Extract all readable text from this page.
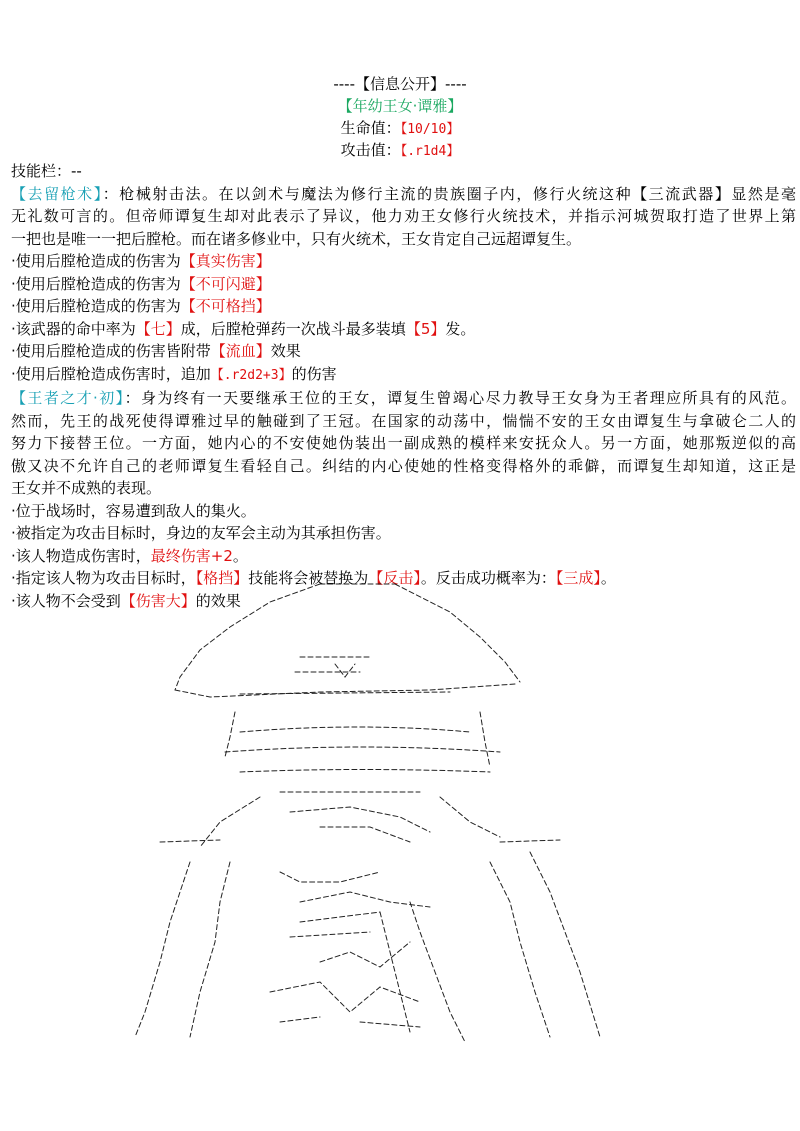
----【信息公开】----
【年幼王女·谭雅】
生命值：【10/10】
攻击值：【.r1d4】
技能栏：--
【去留枪术】：枪械射击法。在以剑术与魔法为修行主流的贵族圈子内，修行火统这种【三流武器】显然是毫
无礼数可言的。但帝师谭复生却对此表示了异议，他力劝王女修行火统技术，并指示河城贺取打造了世界上第
一把也是唯一一把后膛枪。而在诸多修业中，只有火统术，王女肯定自己远超谭复生。
·使用后膛枪造成的伤害为【真实伤害】
·使用后膛枪造成的伤害为【不可闪避】
·使用后膛枪造成的伤害为【不可格挡】
·该武器的命中率为【七】成，后膛枪弹药一次战斗最多装填【5】发。
·使用后膛枪造成的伤害皆附带【流血】效果
·使用后膛枪造成伤害时，追加【.r2d2+3】的伤害
【王者之才·初】：身为终有一天要继承王位的王女，谭复生曾竭心尽力教导王女身为王者理应所具有的风范。
然而，先王的战死使得谭雅过早的触碰到了王冠。在国家的动荡中，惴惴不安的王女由谭复生与拿破仑二人的
努力下接替王位。一方面，她内心的不安使她伪装出一副成熟的模样来安抚众人。另一方面，她那叛逆似的高
傲又决不允许自己的老师谭复生看轻自己。纠结的内心使她的性格变得格外的乖僻，而谭复生却知道，这正是
王女并不成熟的表现。
·位于战场时，容易遭到敌人的集火。
·被指定为攻击目标时，身边的友军会主动为其承担伤害。
·该人物造成伤害时，最终伤害+2。
·指定该人物为攻击目标时，【格挡】技能将会被替换为【反击】。反击成功概率为：【三成】。
·该人物不会受到【伤害大】的效果
